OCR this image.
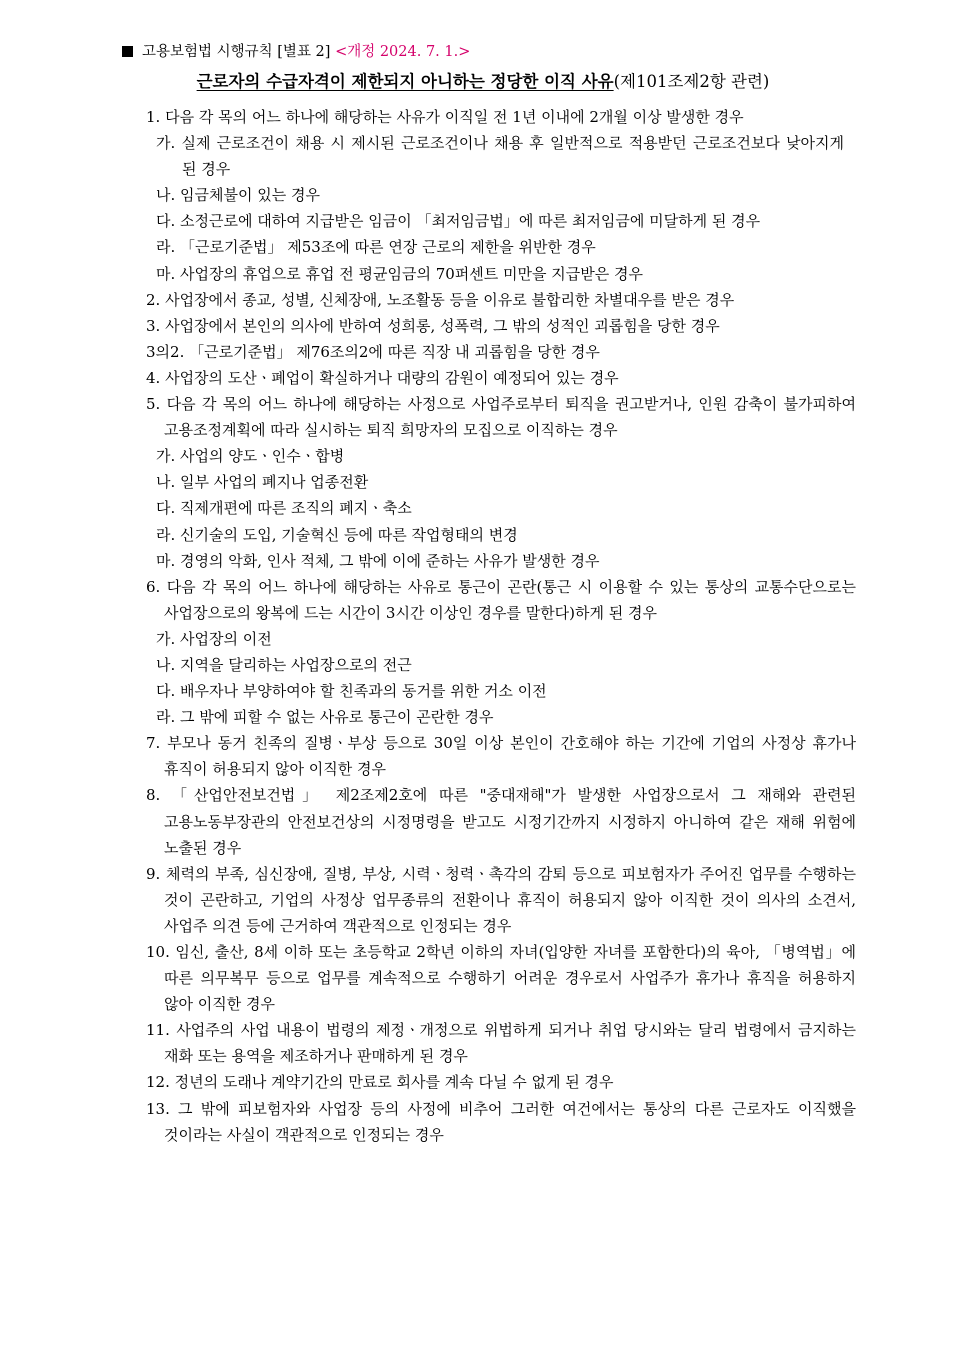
고용보험법 시행규칙 [별표 2] <개정 2024. 7. 1.>
근로자의 수급자격이 제한되지 아니하는 정당한 이직 사유(제101조제2항 관련)
1. 다음 각 목의 어느 하나에 해당하는 사유가 이직일 전 1년 이내에 2개월 이상 발생한 경우
가. 실제 근로조건이 채용 시 제시된 근로조건이나 채용 후 일반적으로 적용받던 근로조건보다 낮아지게 된 경우
나. 임금체불이 있는 경우
다. 소정근로에 대하여 지급받은 임금이 「최저임금법」에 따른 최저임금에 미달하게 된 경우
라. 「근로기준법」 제53조에 따른 연장 근로의 제한을 위반한 경우
마. 사업장의 휴업으로 휴업 전 평균임금의 70퍼센트 미만을 지급받은 경우
2. 사업장에서 종교, 성별, 신체장애, 노조활동 등을 이유로 불합리한 차별대우를 받은 경우
3. 사업장에서 본인의 의사에 반하여 성희롱, 성폭력, 그 밖의 성적인 괴롭힘을 당한 경우
3의2. 「근로기준법」 제76조의2에 따른 직장 내 괴롭힘을 당한 경우
4. 사업장의 도산ㆍ폐업이 확실하거나 대량의 감원이 예정되어 있는 경우
5. 다음 각 목의 어느 하나에 해당하는 사정으로 사업주로부터 퇴직을 권고받거나, 인원 감축이 불가피하여 고용조정계획에 따라 실시하는 퇴직 희망자의 모집으로 이직하는 경우
가. 사업의 양도ㆍ인수ㆍ합병
나. 일부 사업의 폐지나 업종전환
다. 직제개편에 따른 조직의 폐지ㆍ축소
라. 신기술의 도입, 기술혁신 등에 따른 작업형태의 변경
마. 경영의 악화, 인사 적체, 그 밖에 이에 준하는 사유가 발생한 경우
6. 다음 각 목의 어느 하나에 해당하는 사유로 통근이 곤란(통근 시 이용할 수 있는 통상의 교통수단으로는 사업장으로의 왕복에 드는 시간이 3시간 이상인 경우를 말한다)하게 된 경우
가. 사업장의 이전
나. 지역을 달리하는 사업장으로의 전근
다. 배우자나 부양하여야 할 친족과의 동거를 위한 거소 이전
라. 그 밖에 피할 수 없는 사유로 통근이 곤란한 경우
7. 부모나 동거 친족의 질병ㆍ부상 등으로 30일 이상 본인이 간호해야 하는 기간에 기업의 사정상 휴가나 휴직이 허용되지 않아 이직한 경우
8. 「산업안전보건법」 제2조제2호에 따른 "중대재해"가 발생한 사업장으로서 그 재해와 관련된 고용노동부장관의 안전보건상의 시정명령을 받고도 시정기간까지 시정하지 아니하여 같은 재해 위험에 노출된 경우
9. 체력의 부족, 심신장애, 질병, 부상, 시력ㆍ청력ㆍ촉각의 감퇴 등으로 피보험자가 주어진 업무를 수행하는 것이 곤란하고, 기업의 사정상 업무종류의 전환이나 휴직이 허용되지 않아 이직한 것이 의사의 소견서, 사업주 의견 등에 근거하여 객관적으로 인정되는 경우
10. 임신, 출산, 8세 이하 또는 초등학교 2학년 이하의 자녀(입양한 자녀를 포함한다)의 육아, 「병역법」에 따른 의무복무 등으로 업무를 계속적으로 수행하기 어려운 경우로서 사업주가 휴가나 휴직을 허용하지 않아 이직한 경우
11. 사업주의 사업 내용이 법령의 제정ㆍ개정으로 위법하게 되거나 취업 당시와는 달리 법령에서 금지하는 재화 또는 용역을 제조하거나 판매하게 된 경우
12. 정년의 도래나 계약기간의 만료로 회사를 계속 다닐 수 없게 된 경우
13. 그 밖에 피보험자와 사업장 등의 사정에 비추어 그러한 여건에서는 통상의 다른 근로자도 이직했을 것이라는 사실이 객관적으로 인정되는 경우
